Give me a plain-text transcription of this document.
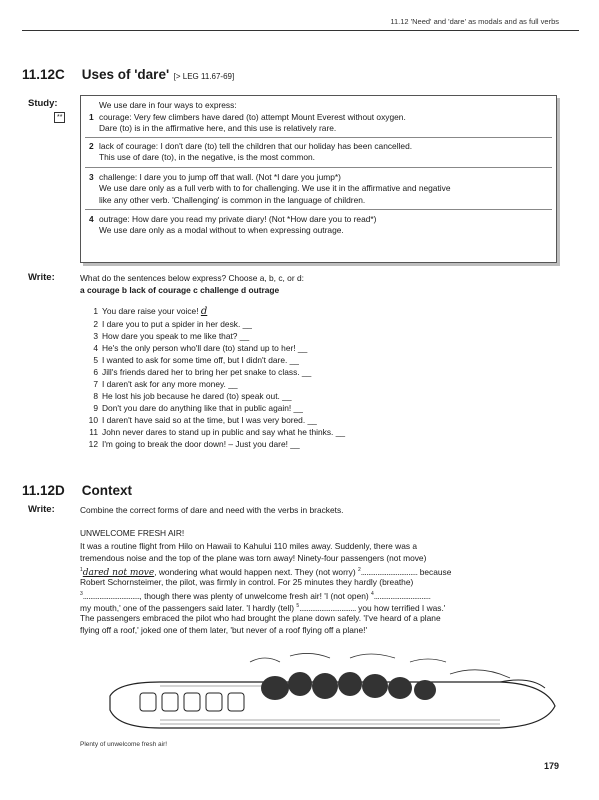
11.12 'Need' and 'dare' as modals and as full verbs
11.12C Uses of 'dare' [> LEG 11.67-69]
Study:
**
We use dare in four ways to express:
1 courage: Very few climbers have dared (to) attempt Mount Everest without oxygen.
Dare (to) is in the affirmative here, and this use is relatively rare.
2 lack of courage: I don't dare (to) tell the children that our holiday has been cancelled.
This use of dare (to), in the negative, is the most common.
3 challenge: I dare you to jump off that wall. (Not *I dare you jump*)
We use dare only as a full verb with to for challenging. We use it in the affirmative and negative
like any other verb. 'Challenging' is common in the language of children.
4 outrage: How dare you read my private diary! (Not *How dare you to read*)
We use dare only as a modal without to when expressing outrage.
Write:	What do the sentences below express? Choose a, b, c, or d:
a courage b lack of courage c challenge d outrage
1 You dare raise your voice! d
2 I dare you to put a spider in her desk. __
3 How dare you speak to me like that? __
4 He's the only person who'll dare (to) stand up to her! __
5 I wanted to ask for some time off, but I didn't dare. __
6 Jill's friends dared her to bring her pet snake to class. __
7 I daren't ask for any more money. __
8 He lost his job because he dared (to) speak out. __
9 Don't you dare do anything like that in public again! __
10 I daren't have said so at the time, but I was very bored. __
11 John never dares to stand up in public and say what he thinks. __
12 I'm going to break the door down! – Just you dare! __
11.12D Context
Write:	Combine the correct forms of dare and need with the verbs in brackets.
UNWELCOME FRESH AIR!
It was a routine flight from Hilo on Hawaii to Kahului 110 miles away. Suddenly, there was a
tremendous noise and the top of the plane was torn away! Ninety-four passengers (not move)
$^1$dared not move, wondering what would happen next. They (not worry) $^2$............................... because
Robert Schornsteimer, the pilot, was firmly in control. For 25 minutes they hardly (breathe)
$^3$..............................., though there was plenty of unwelcome fresh air! 'I (not open) $^4$...............................
my mouth,' one of the passengers said later. 'I hardly (tell) $^5$............................... you how terrified I was.'
The passengers embraced the pilot who had brought the plane down safely. 'I've heard of a plane
flying off a roof,' joked one of them later, 'but never of a roof flying off a plane!'
Plenty of unwelcome fresh air!
179
